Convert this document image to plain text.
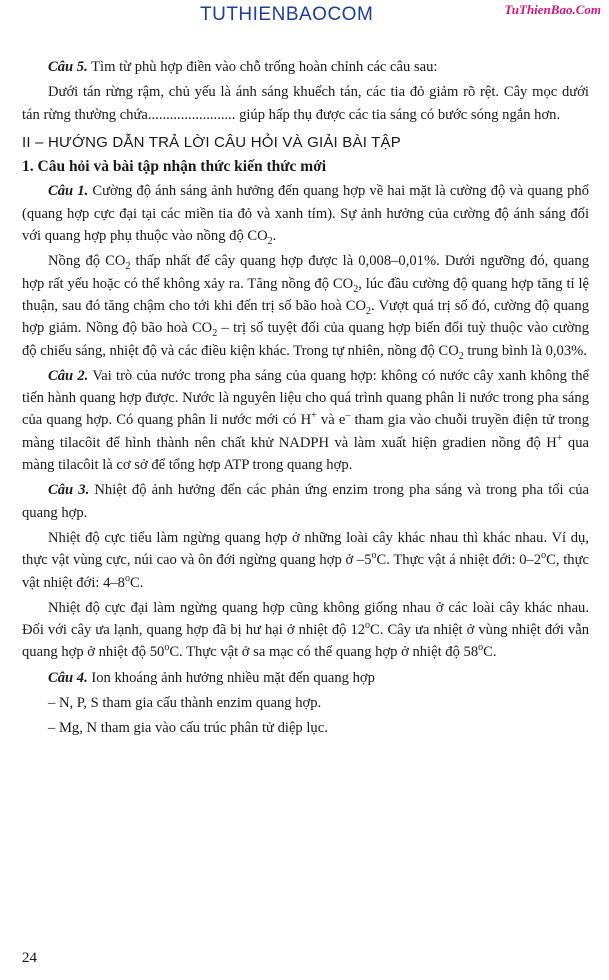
TUTHIENBAOCOM	TuThienBao.Com

Câu 5. Tìm từ phù hợp điền vào chỗ trống hoàn chỉnh các câu sau:

Dưới tán rừng rậm, chủ yếu là ánh sáng khuếch tán, các tia đỏ giảm rõ rệt. Cây mọc dưới tán rừng thường chứa........................ giúp hấp thụ được các tia sáng có bước sóng ngắn hơn.

II – HƯỚNG DẪN TRẢ LỜI CÂU HỎI VÀ GIẢI BÀI TẬP
1. Câu hỏi và bài tập nhận thức kiến thức mới

Câu 1. Cường độ ánh sáng ảnh hưởng đến quang hợp về hai mặt là cường độ và quang phổ (quang hợp cực đại tại các miền tia đỏ và xanh tím). Sự ảnh hưởng của cường độ ánh sáng đối với quang hợp phụ thuộc vào nồng độ $CO_2$.

Nồng độ $CO_2$ thấp nhất để cây quang hợp được là 0,008–0,01%. Dưới ngưỡng đó, quang hợp rất yếu hoặc có thể không xảy ra. Tăng nồng độ $CO_2$, lúc đầu cường độ quang hợp tăng tỉ lệ thuận, sau đó tăng chậm cho tới khi đến trị số bão hoà $CO_2$. Vượt quá trị số đó, cường độ quang hợp giảm. Nồng độ bão hoà $CO_2$ – trị số tuyệt đối của quang hợp biến đổi tuỳ thuộc vào cường độ chiếu sáng, nhiệt độ và các điều kiện khác. Trong tự nhiên, nồng độ $CO_2$ trung bình là 0,03%.

Câu 2. Vai trò của nước trong pha sáng của quang hợp: không có nước cây xanh không thể tiến hành quang hợp được. Nước là nguyên liệu cho quá trình quang phân li nước trong pha sáng của quang hợp. Có quang phân li nước mới có H+ và e– tham gia vào chuỗi truyền điện tử trong màng tilacôit để hình thành nên chất khử NADPH và làm xuất hiện gradien nồng độ H+ qua màng tilacôit là cơ sở để tổng hợp ATP trong quang hợp.

Câu 3. Nhiệt độ ảnh hưởng đến các phản ứng enzim trong pha sáng và trong pha tối của quang hợp.

Nhiệt độ cực tiểu làm ngừng quang hợp ở những loài cây khác nhau thì khác nhau. Ví dụ, thực vật vùng cực, núi cao và ôn đới ngừng quang hợp ở –5$^o$C. Thực vật á nhiệt đới: 0–2$^o$C, thực vật nhiệt đới: 4–8$^o$C.

Nhiệt độ cực đại làm ngừng quang hợp cũng không giống nhau ở các loài cây khác nhau. Đối với cây ưa lạnh, quang hợp đã bị hư hại ở nhiệt độ 12$^o$C. Cây ưa nhiệt ở vùng nhiệt đới vẫn quang hợp ở nhiệt độ 50$^o$C. Thực vật ở sa mạc có thể quang hợp ở nhiệt độ 58$^o$C.

Câu 4. Ion khoáng ảnh hưởng nhiều mặt đến quang hợp

– N, P, S tham gia cấu thành enzim quang hợp.

– Mg, N tham gia vào cấu trúc phân tử diệp lục.

24
